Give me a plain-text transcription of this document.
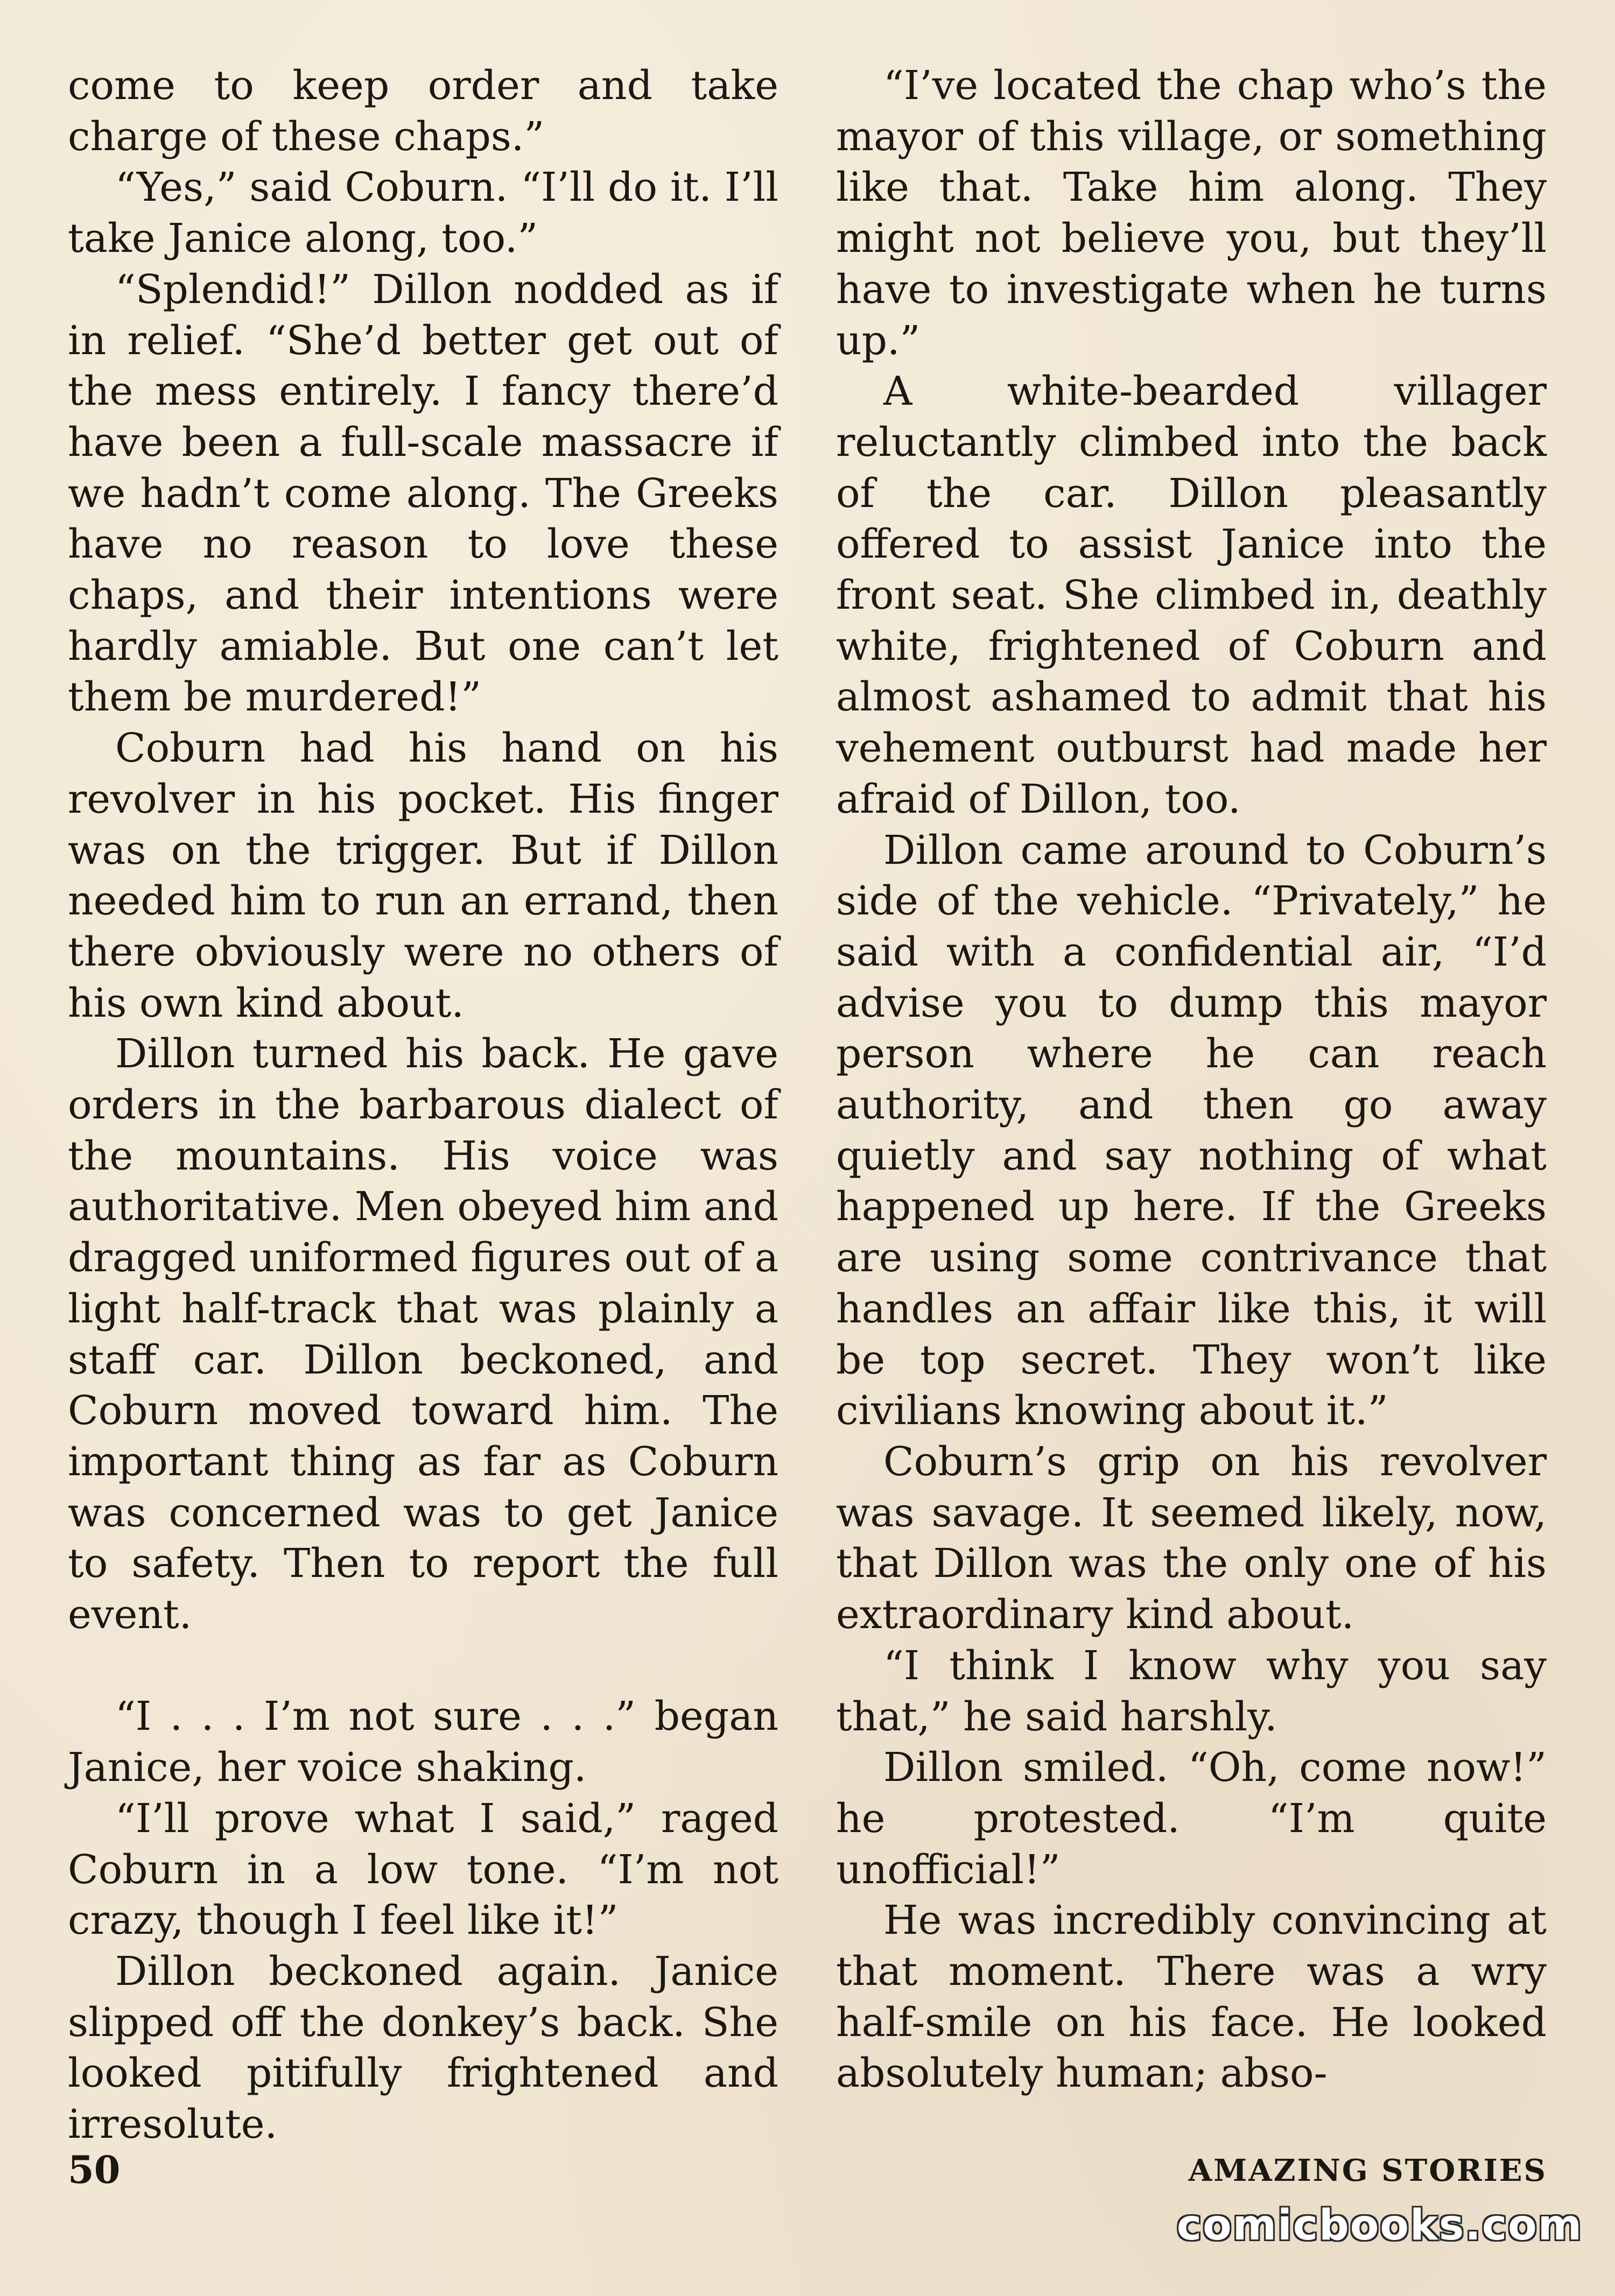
come to keep order and take charge of these chaps.”

“Yes,” said Coburn. “I’ll do it. I’ll take Janice along, too.”

“Splendid!” Dillon nodded as if in relief. “She’d better get out of the mess entirely. I fancy there’d have been a full-scale massacre if we hadn’t come along. The Greeks have no reason to love these chaps, and their intentions were hardly amiable. But one can’t let them be murdered!”

Coburn had his hand on his revolver in his pocket. His finger was on the trigger. But if Dillon needed him to run an errand, then there obviously were no others of his own kind about.

Dillon turned his back. He gave orders in the barbarous dialect of the mountains. His voice was authoritative. Men obeyed him and dragged uniformed figures out of a light half-track that was plainly a staff car. Dillon beckoned, and Coburn moved toward him. The important thing as far as Coburn was concerned was to get Janice to safety. Then to report the full event.

“I . . . I’m not sure . . .” began Janice, her voice shaking.

“I’ll prove what I said,” raged Coburn in a low tone. “I’m not crazy, though I feel like it!”

Dillon beckoned again. Janice slipped off the donkey’s back. She looked pitifully frightened and irresolute.

“I’ve located the chap who’s the mayor of this village, or something like that. Take him along. They might not believe you, but they’ll have to investigate when he turns up.”

A white-bearded villager reluctantly climbed into the back of the car. Dillon pleasantly offered to assist Janice into the front seat. She climbed in, deathly white, frightened of Coburn and almost ashamed to admit that his vehement outburst had made her afraid of Dillon, too.

Dillon came around to Coburn’s side of the vehicle. “Privately,” he said with a confidential air, “I’d advise you to dump this mayor person where he can reach authority, and then go away quietly and say nothing of what happened up here. If the Greeks are using some contrivance that handles an affair like this, it will be top secret. They won’t like civilians knowing about it.”

Coburn’s grip on his revolver was savage. It seemed likely, now, that Dillon was the only one of his extraordinary kind about.

“I think I know why you say that,” he said harshly.

Dillon smiled. “Oh, come now!” he protested. “I’m quite unofficial!”

He was incredibly convincing at that moment. There was a wry half-smile on his face. He looked absolutely human; abso-

50	AMAZING STORIES
comicbooks.com
